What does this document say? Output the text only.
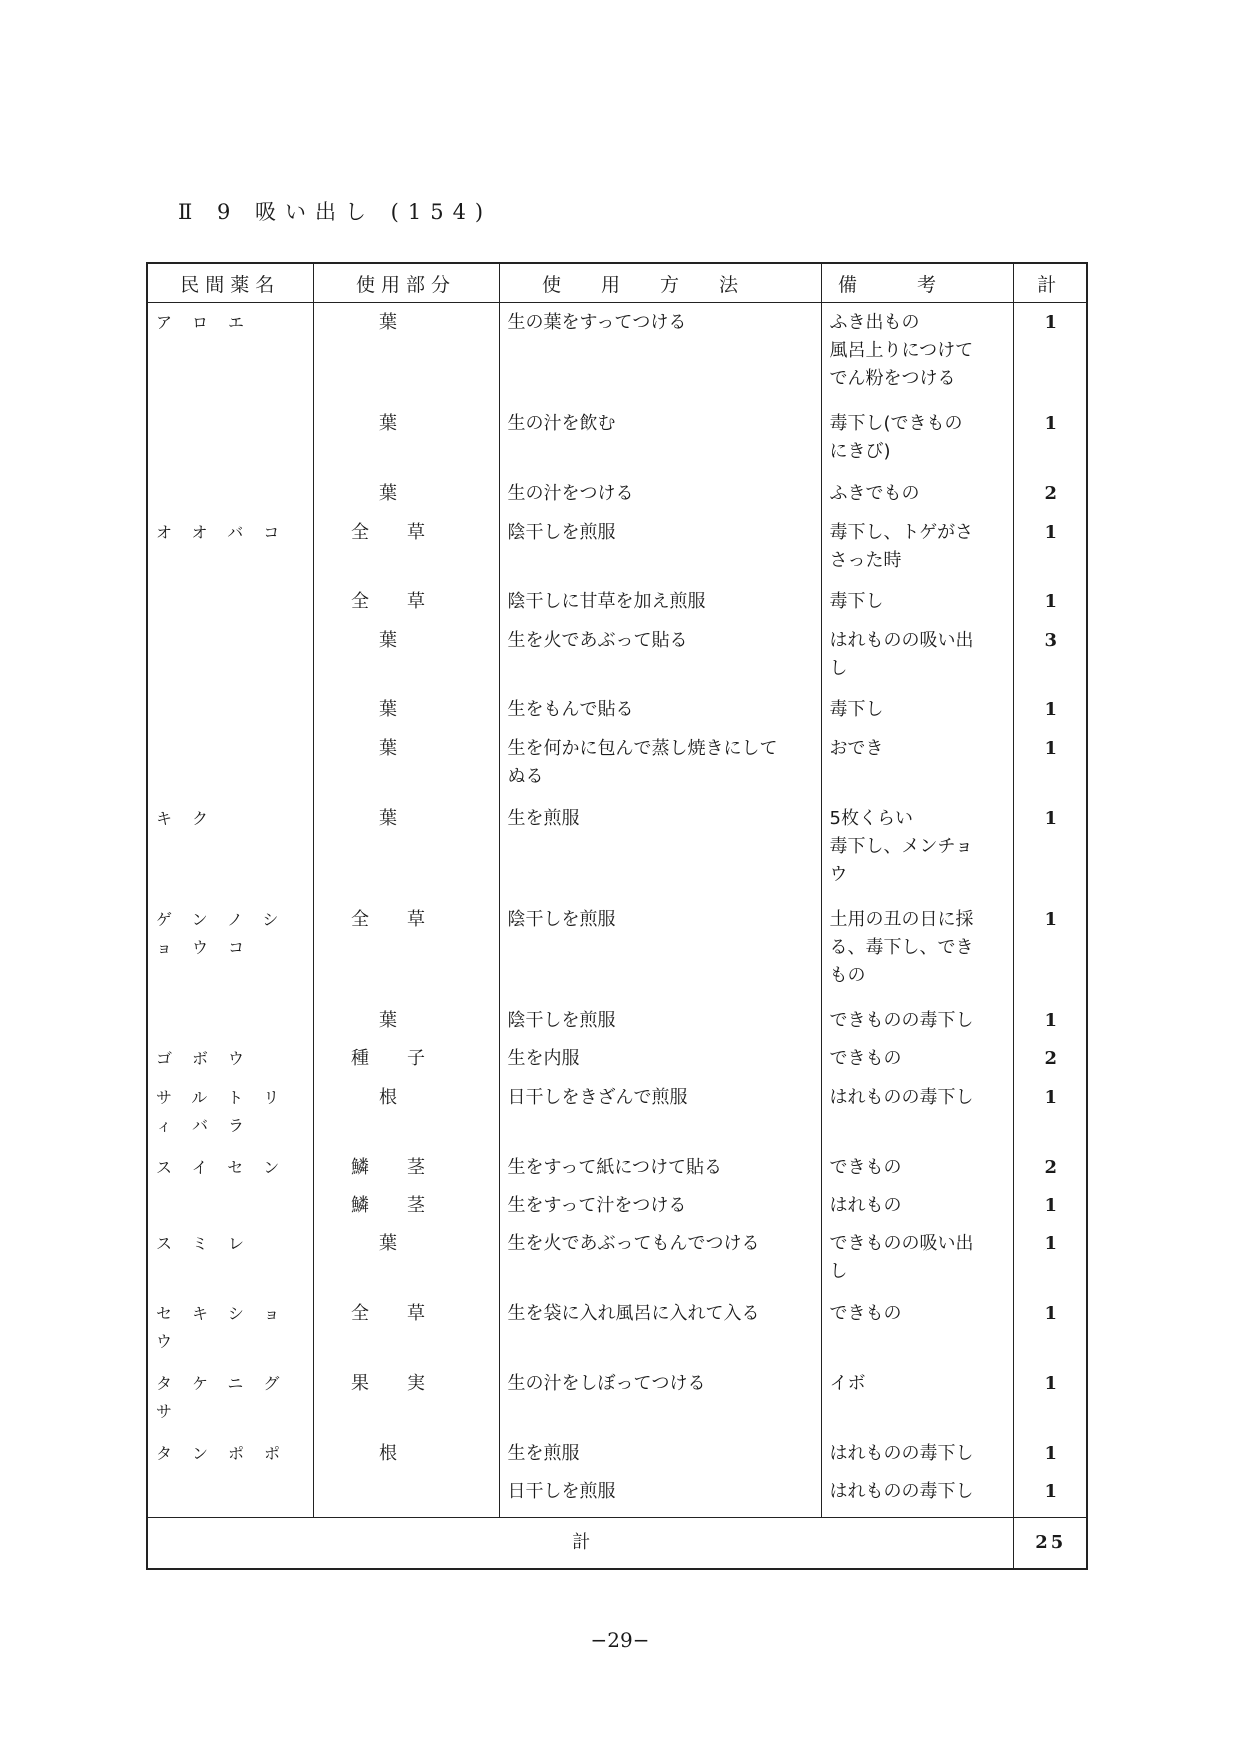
Ⅱ 9 吸い出し (154)
民間薬名	使用部分	使用方法	備考	計
アロエ	葉	生の葉をすってつける	ふき出もの
風呂上りにつけて
でん粉をつける	1
	葉	生の汁を飲む	毒下し(できもの
にきび)	1
	葉	生の汁をつける	ふきでもの	2
オオバコ	全草	陰干しを煎服	毒下し、トゲがさ
さった時	1
	全草	陰干しに甘草を加え煎服	毒下し	1
	葉	生を火であぶって貼る	はれものの吸い出
し	3
	葉	生をもんで貼る	毒下し	1
	葉	生を何かに包んで蒸し焼きにして
ぬる	おでき	1
キク	葉	生を煎服	5枚くらい
毒下し、メンチョ
ウ	1
ゲンノショウコ	全草	陰干しを煎服	土用の丑の日に採
る、毒下し、でき
もの	1
	葉	陰干しを煎服	できものの毒下し	1
ゴボウ	種子	生を内服	できもの	2
サルトリィバラ	根	日干しをきざんで煎服	はれものの毒下し	1
スイセン	鱗茎	生をすって紙につけて貼る	できもの	2
	鱗茎	生をすって汁をつける	はれもの	1
スミレ	葉	生を火であぶってもんでつける	できものの吸い出
し	1
セキショウ	全草	生を袋に入れ風呂に入れて入る	できもの	1
タケニグサ	果実	生の汁をしぼってつける	イボ	1
タンポポ	根	生を煎服	はれものの毒下し	1
		日干しを煎服	はれものの毒下し	1

計				25
−29−
